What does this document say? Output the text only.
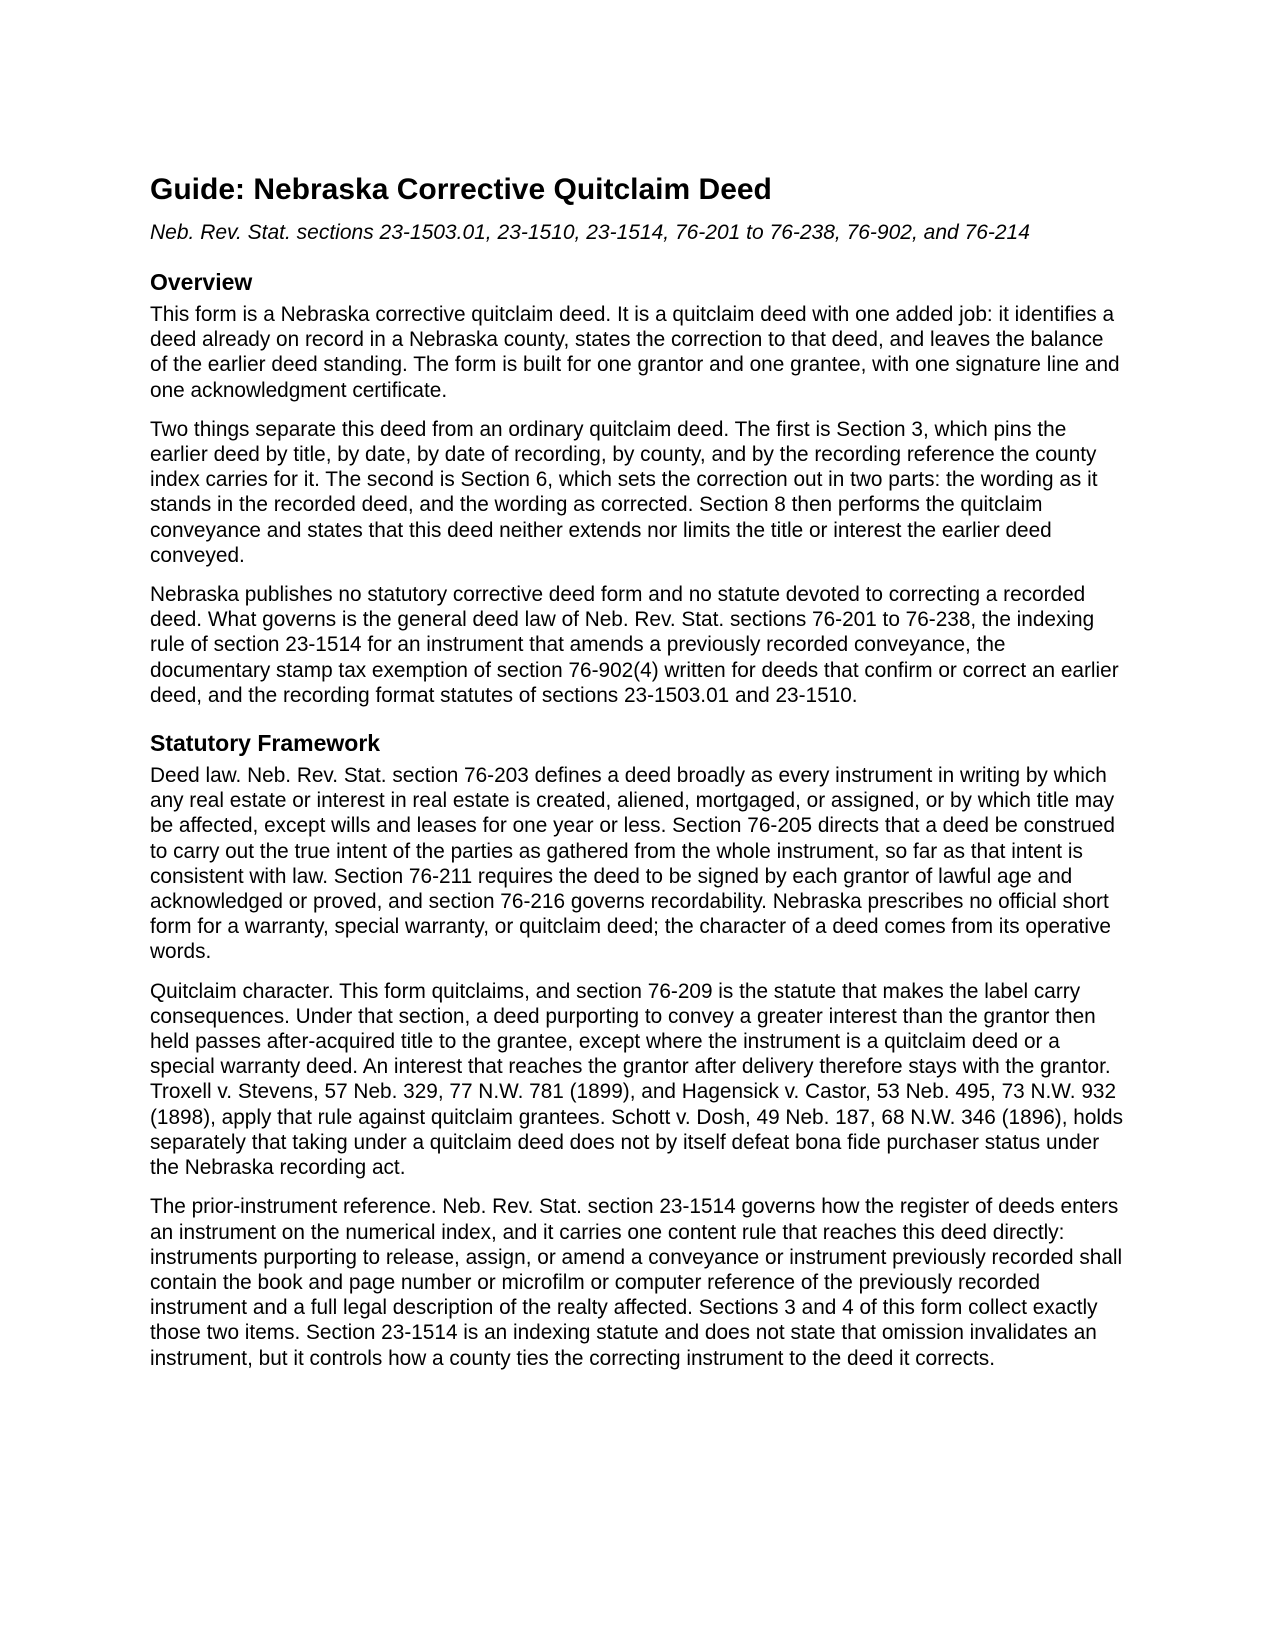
Guide: Nebraska Corrective Quitclaim Deed

Neb. Rev. Stat. sections 23-1503.01, 23-1510, 23-1514, 76-201 to 76-238, 76-902, and 76-214

Overview

This form is a Nebraska corrective quitclaim deed. It is a quitclaim deed with one added job: it identifies a deed already on record in a Nebraska county, states the correction to that deed, and leaves the balance of the earlier deed standing. The form is built for one grantor and one grantee, with one signature line and one acknowledgment certificate.

Two things separate this deed from an ordinary quitclaim deed. The first is Section 3, which pins the earlier deed by title, by date, by date of recording, by county, and by the recording reference the county index carries for it. The second is Section 6, which sets the correction out in two parts: the wording as it stands in the recorded deed, and the wording as corrected. Section 8 then performs the quitclaim conveyance and states that this deed neither extends nor limits the title or interest the earlier deed conveyed.

Nebraska publishes no statutory corrective deed form and no statute devoted to correcting a recorded deed. What governs is the general deed law of Neb. Rev. Stat. sections 76-201 to 76-238, the indexing rule of section 23-1514 for an instrument that amends a previously recorded conveyance, the documentary stamp tax exemption of section 76-902(4) written for deeds that confirm or correct an earlier deed, and the recording format statutes of sections 23-1503.01 and 23-1510.

Statutory Framework

Deed law. Neb. Rev. Stat. section 76-203 defines a deed broadly as every instrument in writing by which any real estate or interest in real estate is created, aliened, mortgaged, or assigned, or by which title may be affected, except wills and leases for one year or less. Section 76-205 directs that a deed be construed to carry out the true intent of the parties as gathered from the whole instrument, so far as that intent is consistent with law. Section 76-211 requires the deed to be signed by each grantor of lawful age and acknowledged or proved, and section 76-216 governs recordability. Nebraska prescribes no official short form for a warranty, special warranty, or quitclaim deed; the character of a deed comes from its operative words.

Quitclaim character. This form quitclaims, and section 76-209 is the statute that makes the label carry consequences. Under that section, a deed purporting to convey a greater interest than the grantor then held passes after-acquired title to the grantee, except where the instrument is a quitclaim deed or a special warranty deed. An interest that reaches the grantor after delivery therefore stays with the grantor. Troxell v. Stevens, 57 Neb. 329, 77 N.W. 781 (1899), and Hagensick v. Castor, 53 Neb. 495, 73 N.W. 932 (1898), apply that rule against quitclaim grantees. Schott v. Dosh, 49 Neb. 187, 68 N.W. 346 (1896), holds separately that taking under a quitclaim deed does not by itself defeat bona fide purchaser status under the Nebraska recording act.

The prior-instrument reference. Neb. Rev. Stat. section 23-1514 governs how the register of deeds enters an instrument on the numerical index, and it carries one content rule that reaches this deed directly: instruments purporting to release, assign, or amend a conveyance or instrument previously recorded shall contain the book and page number or microfilm or computer reference of the previously recorded instrument and a full legal description of the realty affected. Sections 3 and 4 of this form collect exactly those two items. Section 23-1514 is an indexing statute and does not state that omission invalidates an instrument, but it controls how a county ties the correcting instrument to the deed it corrects.
